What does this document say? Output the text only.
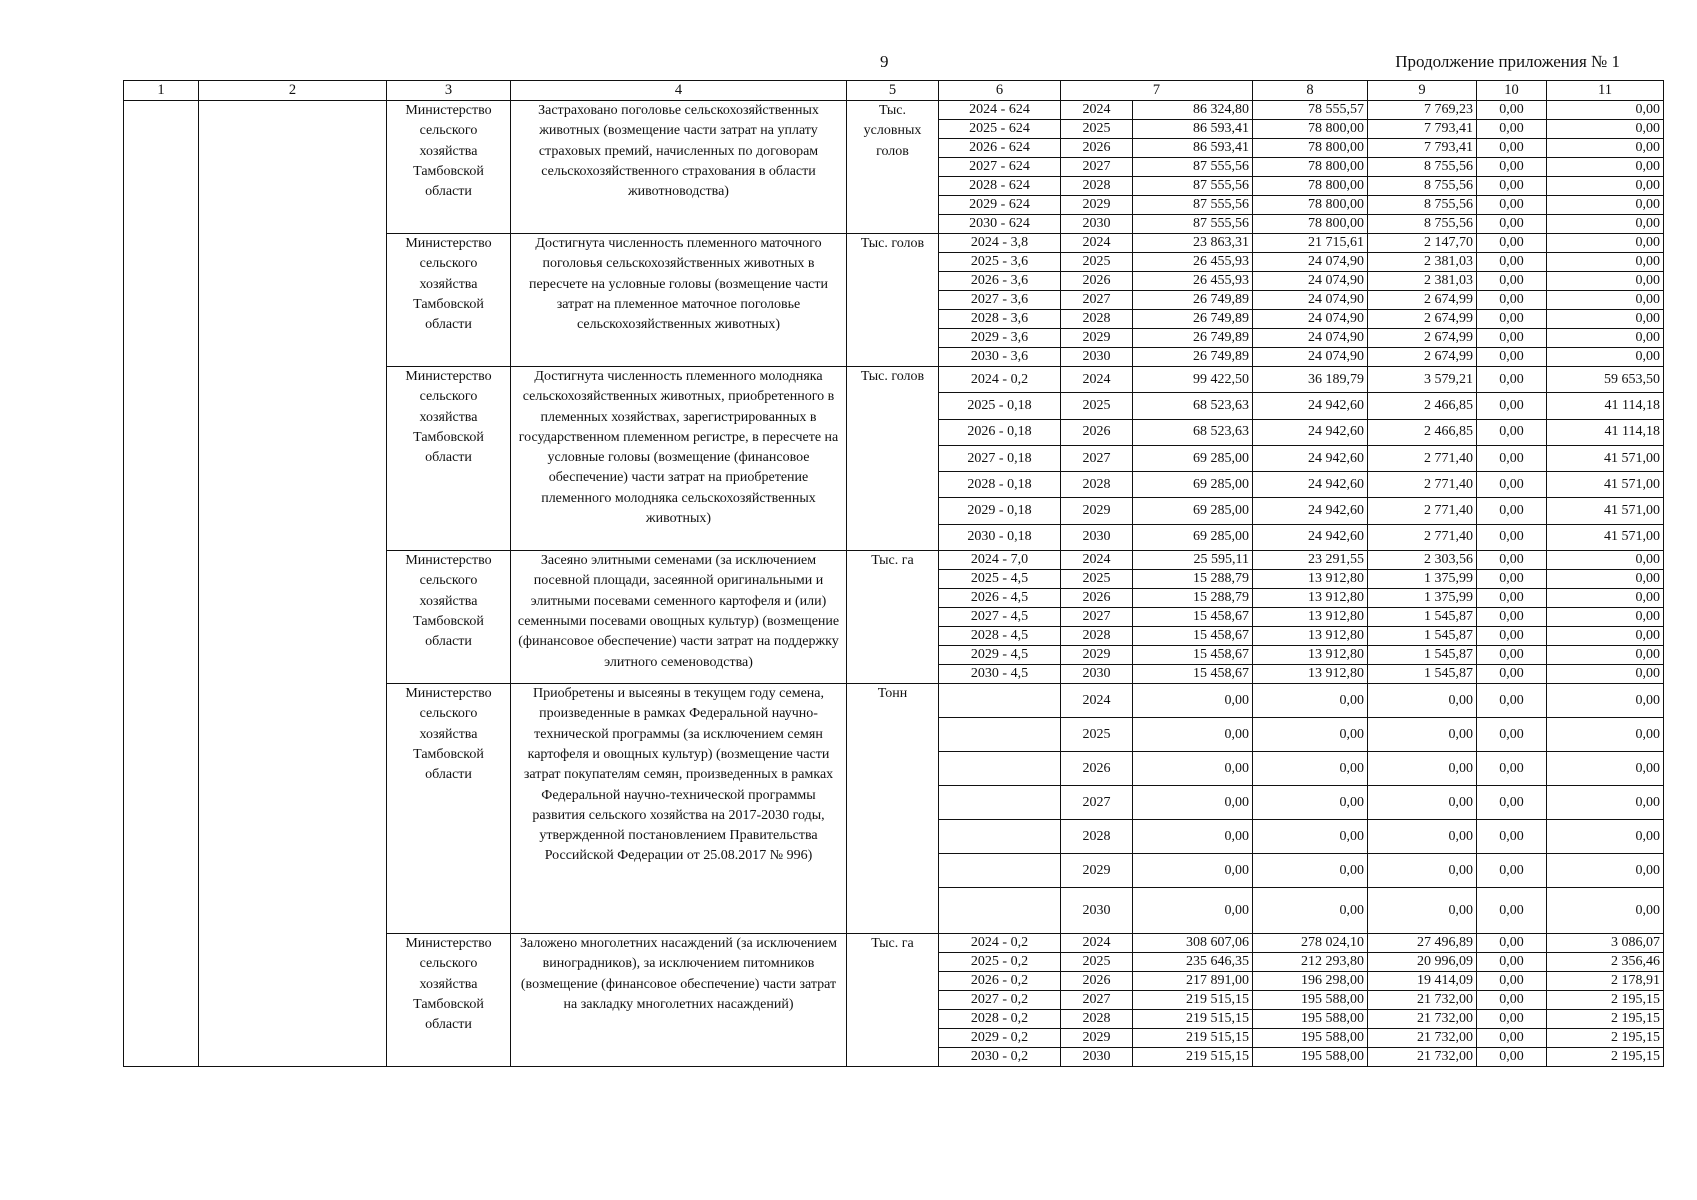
9	Продолжение приложения № 1
1	2	3	4	5	6	7		8	9	10	11
		Министерство сельского хозяйства Тамбовской области	Застраховано поголовье сельскохозяйственных животных (возмещение части затрат на уплату страховых премий, начисленных по договорам сельскохозяйственного страхования в области животноводства)	Тыс. условных голов	2024 - 624	2024	86 324,80	78 555,57	7 769,23	0,00	0,00
					2025 - 624	2025	86 593,41	78 800,00	7 793,41	0,00	0,00
					2026 - 624	2026	86 593,41	78 800,00	7 793,41	0,00	0,00
					2027 - 624	2027	87 555,56	78 800,00	8 755,56	0,00	0,00
					2028 - 624	2028	87 555,56	78 800,00	8 755,56	0,00	0,00
					2029 - 624	2029	87 555,56	78 800,00	8 755,56	0,00	0,00
					2030 - 624	2030	87 555,56	78 800,00	8 755,56	0,00	0,00
		Министерство сельского хозяйства Тамбовской области	Достигнута численность племенного маточного поголовья сельскохозяйственных животных в пересчете на условные головы (возмещение части затрат на племенное маточное поголовье сельскохозяйственных животных)	Тыс. голов	2024 - 3,8	2024	23 863,31	21 715,61	2 147,70	0,00	0,00
					2025 - 3,6	2025	26 455,93	24 074,90	2 381,03	0,00	0,00
					2026 - 3,6	2026	26 455,93	24 074,90	2 381,03	0,00	0,00
					2027 - 3,6	2027	26 749,89	24 074,90	2 674,99	0,00	0,00
					2028 - 3,6	2028	26 749,89	24 074,90	2 674,99	0,00	0,00
					2029 - 3,6	2029	26 749,89	24 074,90	2 674,99	0,00	0,00
					2030 - 3,6	2030	26 749,89	24 074,90	2 674,99	0,00	0,00
		Министерство сельского хозяйства Тамбовской области	Достигнута численность племенного молодняка сельскохозяйственных животных, приобретенного в племенных хозяйствах, зарегистрированных в государственном племенном регистре, в пересчете на условные головы (возмещение (финансовое обеспечение) части затрат на приобретение племенного молодняка сельскохозяйственных животных)	Тыс. голов	2024 - 0,2	2024	99 422,50	36 189,79	3 579,21	0,00	59 653,50
					2025 - 0,18	2025	68 523,63	24 942,60	2 466,85	0,00	41 114,18
					2026 - 0,18	2026	68 523,63	24 942,60	2 466,85	0,00	41 114,18
					2027 - 0,18	2027	69 285,00	24 942,60	2 771,40	0,00	41 571,00
					2028 - 0,18	2028	69 285,00	24 942,60	2 771,40	0,00	41 571,00
					2029 - 0,18	2029	69 285,00	24 942,60	2 771,40	0,00	41 571,00
					2030 - 0,18	2030	69 285,00	24 942,60	2 771,40	0,00	41 571,00
		Министерство сельского хозяйства Тамбовской области	Засеяно элитными семенами (за исключением посевной площади, засеянной оригинальными и элитными посевами семенного картофеля и (или) семенными посевами овощных культур) (возмещение (финансовое обеспечение) части затрат на поддержку элитного семеноводства)	Тыс. га	2024 - 7,0	2024	25 595,11	23 291,55	2 303,56	0,00	0,00
					2025 - 4,5	2025	15 288,79	13 912,80	1 375,99	0,00	0,00
					2026 - 4,5	2026	15 288,79	13 912,80	1 375,99	0,00	0,00
					2027 - 4,5	2027	15 458,67	13 912,80	1 545,87	0,00	0,00
					2028 - 4,5	2028	15 458,67	13 912,80	1 545,87	0,00	0,00
					2029 - 4,5	2029	15 458,67	13 912,80	1 545,87	0,00	0,00
					2030 - 4,5	2030	15 458,67	13 912,80	1 545,87	0,00	0,00
		Министерство сельского хозяйства Тамбовской области	Приобретены и высеяны в текущем году семена, произведенные в рамках Федеральной научно-технической программы (за исключением семян картофеля и овощных культур) (возмещение части затрат покупателям семян, произведенных в рамках Федеральной научно-технической программы развития сельского хозяйства на 2017-2030 годы, утвержденной постановлением Правительства Российской Федерации от 25.08.2017 № 996)	Тонн		2024	0,00	0,00	0,00	0,00	0,00
						2025	0,00	0,00	0,00	0,00	0,00
						2026	0,00	0,00	0,00	0,00	0,00
						2027	0,00	0,00	0,00	0,00	0,00
						2028	0,00	0,00	0,00	0,00	0,00
						2029	0,00	0,00	0,00	0,00	0,00
						2030	0,00	0,00	0,00	0,00	0,00
		Министерство сельского хозяйства Тамбовской области	Заложено многолетних насаждений (за исключением виноградников), за исключением питомников (возмещение (финансовое обеспечение) части затрат на закладку многолетних насаждений)	Тыс. га	2024 - 0,2	2024	308 607,06	278 024,10	27 496,89	0,00	3 086,07
					2025 - 0,2	2025	235 646,35	212 293,80	20 996,09	0,00	2 356,46
					2026 - 0,2	2026	217 891,00	196 298,00	19 414,09	0,00	2 178,91
					2027 - 0,2	2027	219 515,15	195 588,00	21 732,00	0,00	2 195,15
					2028 - 0,2	2028	219 515,15	195 588,00	21 732,00	0,00	2 195,15
					2029 - 0,2	2029	219 515,15	195 588,00	21 732,00	0,00	2 195,15
					2030 - 0,2	2030	219 515,15	195 588,00	21 732,00	0,00	2 195,15
